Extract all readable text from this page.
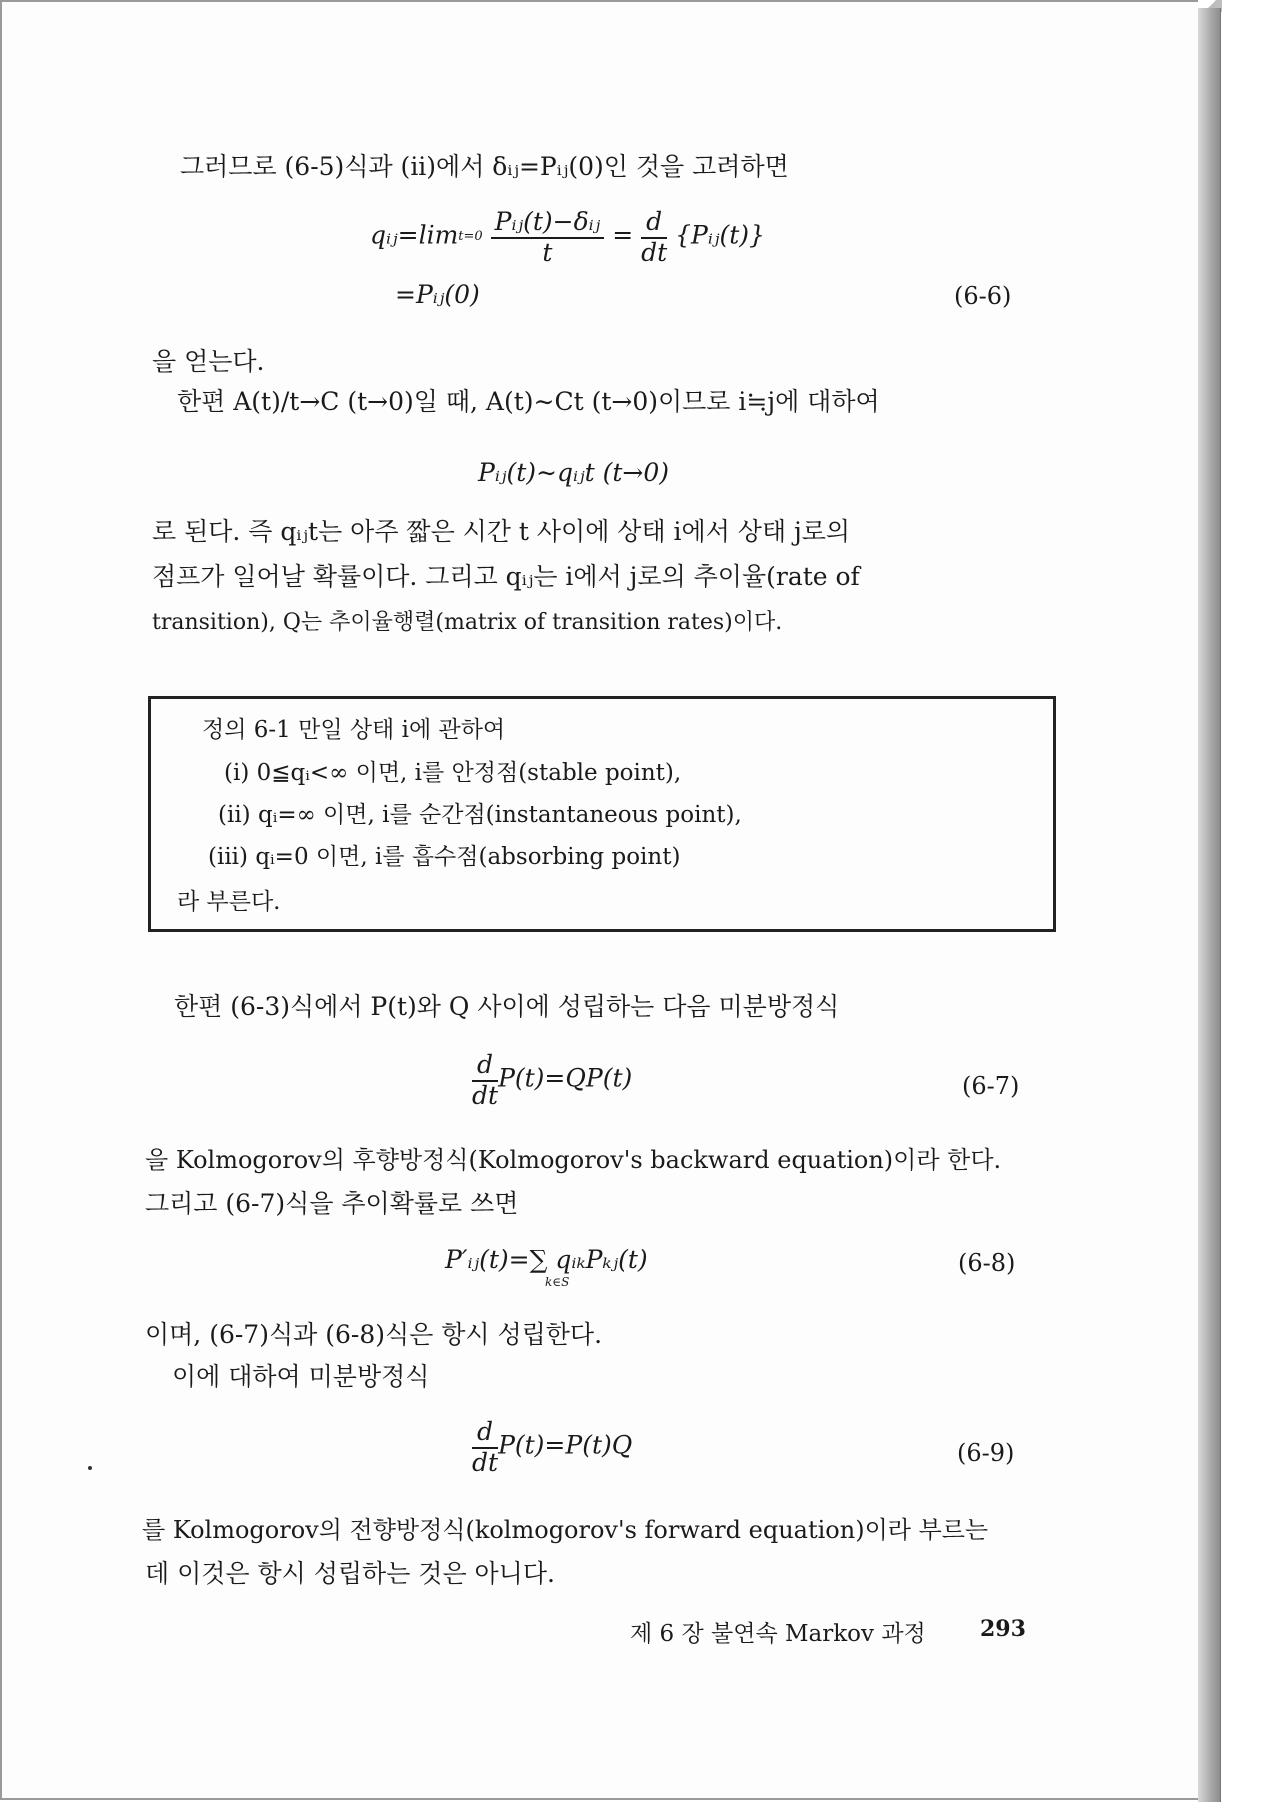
그러므로 (6-5)식과 (ii)에서 δᵢⱼ=Pᵢⱼ(0)인 것을 고려하면
qᵢⱼ=lim t=0
$\frac{\text{Pᵢⱼ(t)−δᵢⱼ}}{t} = \frac{d}{dt}$ {Pᵢⱼ(t)}
=Pᵢⱼ(0)	(6-6)
을 얻는다.
한편 A(t)/t→C (t→0)일 때, A(t)∼Ct (t→0)이므로 i≒j에 대하여
Pᵢⱼ(t)∼qᵢⱼt (t→0)
로 된다. 즉 qᵢⱼt는 아주 짧은 시간 t 사이에 상태 i에서 상태 j로의
점프가 일어날 확률이다. 그리고 qᵢⱼ는 i에서 j로의 추이율(rate of
transition), Q는 추이율행렬(matrix of transition rates)이다.
정의 6-1 만일 상태 i에 관하여
(i) 0≦qᵢ<∞ 이면, i를 안정점(stable point),
(ii) qᵢ=∞ 이면, i를 순간점(instantaneous point),
(iii) qᵢ=0 이면, i를 흡수점(absorbing point)
라 부른다.
한편 (6-3)식에서 P(t)와 Q 사이에 성립하는 다음 미분방정식
$\frac{d}{dt} P(t)=QP(t)$	(6-7)
을 Kolmogorov의 후향방정식(Kolmogorov's backward equation)이라 한다.
그리고 (6-7)식을 추이확률로 쓰면
P′ᵢⱼ(t)=∑ qᵢₖPₖⱼ(t)
k∈S
(6-8)
이며, (6-7)식과 (6-8)식은 항시 성립한다.
이에 대하여 미분방정식
$\frac{d}{dt} P(t)=P(t)Q$	(6-9)
를 Kolmogorov의 전향방정식(kolmogorov's forward equation)이라 부르는
데 이것은 항시 성립하는 것은 아니다.
제 6 장 불연속 Markov 과정 293
